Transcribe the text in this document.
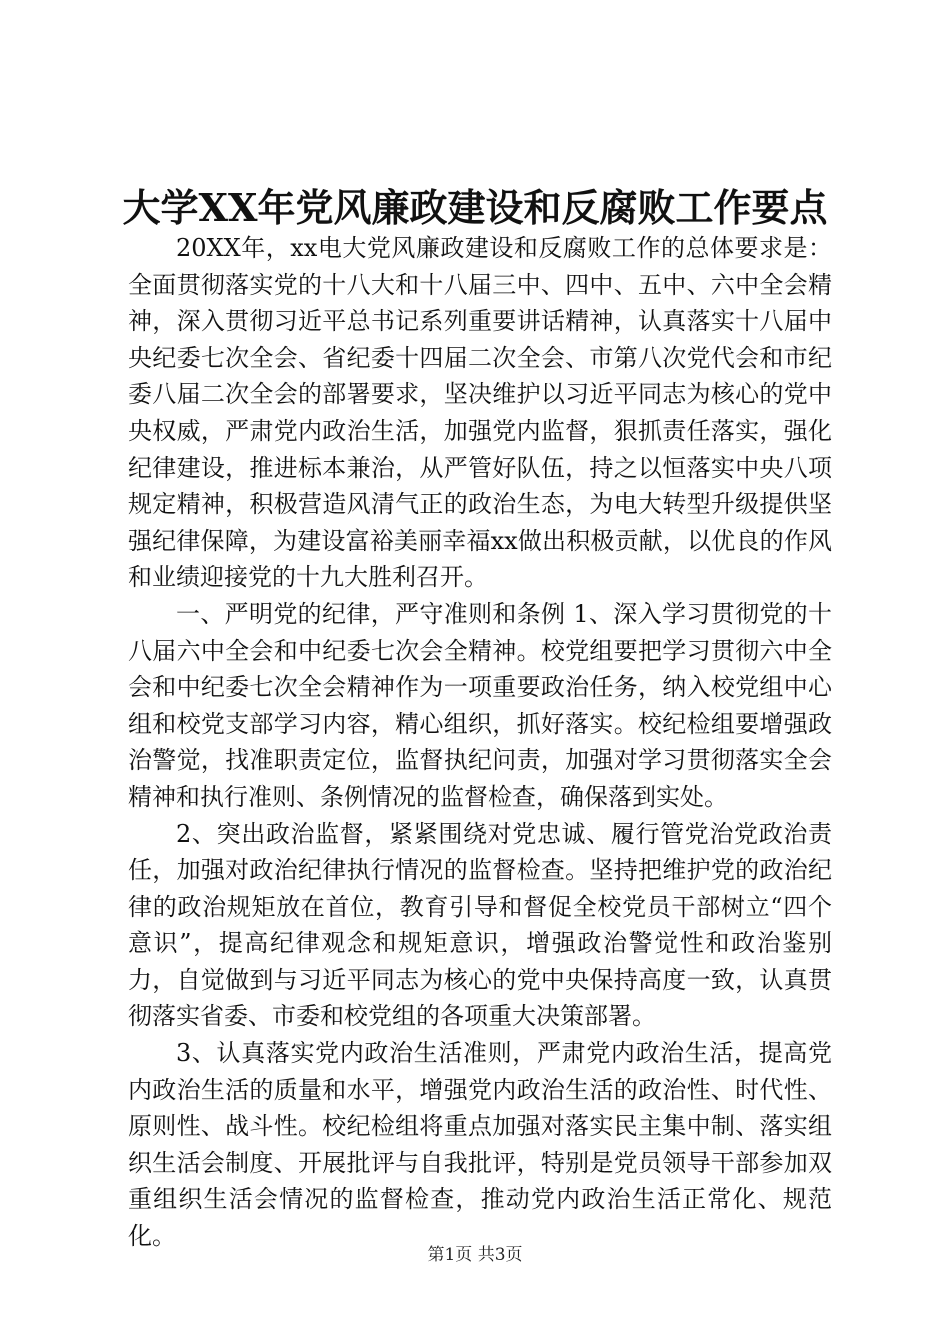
大学XX年党风廉政建设和反腐败工作要点

20XX年，xx电大党风廉政建设和反腐败工作的总体要求是：全面贯彻落实党的十八大和十八届三中、四中、五中、六中全会精神，深入贯彻习近平总书记系列重要讲话精神，认真落实十八届中央纪委七次全会、省纪委十四届二次全会、市第八次党代会和市纪委八届二次全会的部署要求，坚决维护以习近平同志为核心的党中央权威，严肃党内政治生活，加强党内监督，狠抓责任落实，强化纪律建设，推进标本兼治，从严管好队伍，持之以恒落实中央八项规定精神，积极营造风清气正的政治生态，为电大转型升级提供坚强纪律保障，为建设富裕美丽幸福xx做出积极贡献，以优良的作风和业绩迎接党的十九大胜利召开。

一、严明党的纪律，严守准则和条例 1、深入学习贯彻党的十八届六中全会和中纪委七次会全精神。校党组要把学习贯彻六中全会和中纪委七次全会精神作为一项重要政治任务，纳入校党组中心组和校党支部学习内容，精心组织，抓好落实。校纪检组要增强政治警觉，找准职责定位，监督执纪问责，加强对学习贯彻落实全会精神和执行准则、条例情况的监督检查，确保落到实处。

2、突出政治监督，紧紧围绕对党忠诚、履行管党治党政治责任，加强对政治纪律执行情况的监督检查。坚持把维护党的政治纪律的政治规矩放在首位，教育引导和督促全校党员干部树立“四个意识”，提高纪律观念和规矩意识，增强政治警觉性和政治鉴别力，自觉做到与习近平同志为核心的党中央保持高度一致，认真贯彻落实省委、市委和校党组的各项重大决策部署。

3、认真落实党内政治生活准则，严肃党内政治生活，提高党内政治生活的质量和水平，增强党内政治生活的政治性、时代性、原则性、战斗性。校纪检组将重点加强对落实民主集中制、落实组织生活会制度、开展批评与自我批评，特别是党员领导干部参加双重组织生活会情况的监督检查，推动党内政治生活正常化、规范化。

第1页 共3页
